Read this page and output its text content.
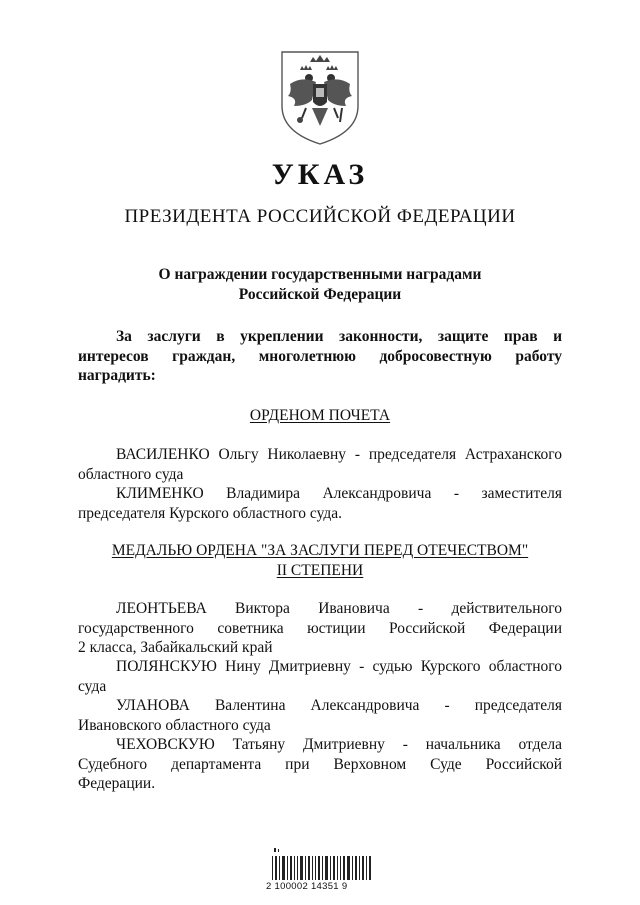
УКАЗ
ПРЕЗИДЕНТА РОССИЙСКОЙ ФЕДЕРАЦИИ
О награждении государственными наградами
Российской Федерации
За заслуги в укреплении законности, защите прав и
интересов граждан, многолетнюю добросовестную работу
наградить:
ОРДЕНОМ ПОЧЕТА
ВАСИЛЕНКО Ольгу Николаевну - председателя Астраханского
областного суда
КЛИМЕНКО Владимира Александровича - заместителя
председателя Курского областного суда.
МЕДАЛЬЮ ОРДЕНА "ЗА ЗАСЛУГИ ПЕРЕД ОТЕЧЕСТВОМ"
II СТЕПЕНИ
ЛЕОНТЬЕВА Виктора Ивановича - действительного
государственного советника юстиции Российской Федерации
2 класса, Забайкальский край
ПОЛЯНСКУЮ Нину Дмитриевну - судью Курского областного
суда
УЛАНОВА Валентина Александровича - председателя
Ивановского областного суда
ЧЕХОВСКУЮ Татьяну Дмитриевну - начальника отдела
Судебного департамента при Верховном Суде Российской
Федерации.
2 100002 14351 9
